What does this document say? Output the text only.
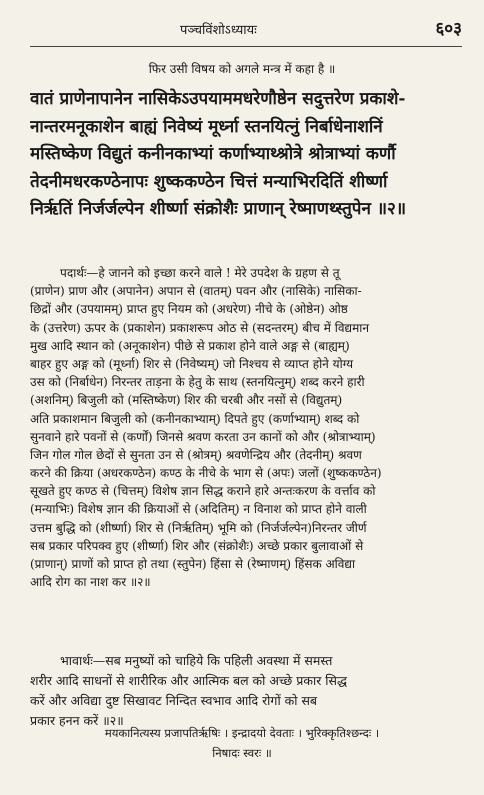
पञ्चविंशोऽध्यायः	६०३
फिर उसी विषय को अगले मन्त्र में कहा है ॥
वातं प्राणेनापानेन नासिकेऽउपयाममधरेणौष्ठेन सदुत्तरेण प्रकाशे-
नान्तरमनूकाशेन बाह्यं निवेष्यं मूर्ध्ना स्तनयित्नुं निर्बाधेनाशनिं
मस्तिष्केण विद्युतं कनीनकाभ्यां कर्णाभ्याथ्श्रोत्रे श्रोत्राभ्यां कर्णौ
तेदनीमधरकण्ठेनापः शुष्ककण्ठेन चित्तं मन्याभिरदितिं शीर्ष्णा
निर्ऋतिं निर्जर्जल्पेन शीर्ष्णा संक्रोशैः प्राणान् रेष्माणथ्स्तुपेन ॥२॥
पदार्थः—हे जानने को इच्छा करने वाले ! मेरे उपदेश के ग्रहण से तू
(प्राणेन) प्राण और (अपानेन) अपान से (वातम्) पवन और (नासिके) नासिका-
छिद्रों और (उपयामम्) प्राप्त हुए नियम को (अधरेण) नीचे के (ओष्ठेन) ओष्ठ
के (उत्तरेण) ऊपर के (प्रकाशेन) प्रकाशरूप ओठ से (सदन्तरम्) बीच में विद्यमान
मुख आदि स्थान को (अनूकाशेन) पीछे से प्रकाश होने वाले अङ्ग से (बाह्यम्)
बाहर हुए अङ्ग को (मूर्ध्ना) शिर से (निवेष्यम्) जो निश्चय से व्याप्त होने योग्य
उस को (निर्बाधेन) निरन्तर ताड़ना के हेतु के साथ (स्तनयित्नुम्) शब्द करने हारी
(अशनिम्) बिजुली को (मस्तिष्केण) शिर की चरबी और नसों से (विद्युतम्)
अति प्रकाशमान बिजुली को (कनीनकाभ्याम्) दिपते हुए (कर्णाभ्याम्) शब्द को
सुनवाने हारे पवनों से (कर्णों) जिनसे श्रवण करता उन कानों को और (श्रोत्राभ्याम्)
जिन गोल गोल छेदों से सुनता उन से (श्रोत्रम्) श्रवणेन्द्रिय और (तेदनीम्) श्रवण
करने की क्रिया (अधरकण्ठेन) कण्ठ के नीचे के भाग से (अपः) जलों (शुष्ककण्ठेन)
सूखते हुए कण्ठ से (चित्तम्) विशेष ज्ञान सिद्ध कराने हारे अन्तःकरण के वर्त्ताव को
(मन्याभिः) विशेष ज्ञान की क्रियाओं से (अदितिम्) न विनाश को प्राप्त होने वाली
उत्तम बुद्धि को (शीर्ष्णा) शिर से (निर्ऋतिम्) भूमि को (निर्जर्जल्पेन)निरन्तर जीर्ण
सब प्रकार परिपक्व हुए (शीर्ष्णा) शिर और (संक्रोशैः) अच्छे प्रकार बुलावाओं से
(प्राणान्) प्राणों को प्राप्त हो तथा (स्तुपेन) हिंसा से (रेष्माणम्) हिंसक अविद्या
आदि रोग का नाश कर ॥२॥
भावार्थः—सब मनुष्यों को चाहिये कि पहिली अवस्था में समस्त
शरीर आदि साधनों से शारीरिक और आत्मिक बल को अच्छे प्रकार सिद्ध
करें और अविद्या दुष्ट सिखावट निन्दित स्वभाव आदि रोगों को सब
प्रकार हनन करें ॥२॥
मयकानित्यस्य प्रजापतिर्ऋषिः । इन्द्रादयो देवताः । भुरिक्कृतिश्छन्दः ।
निषादः स्वरः ॥
